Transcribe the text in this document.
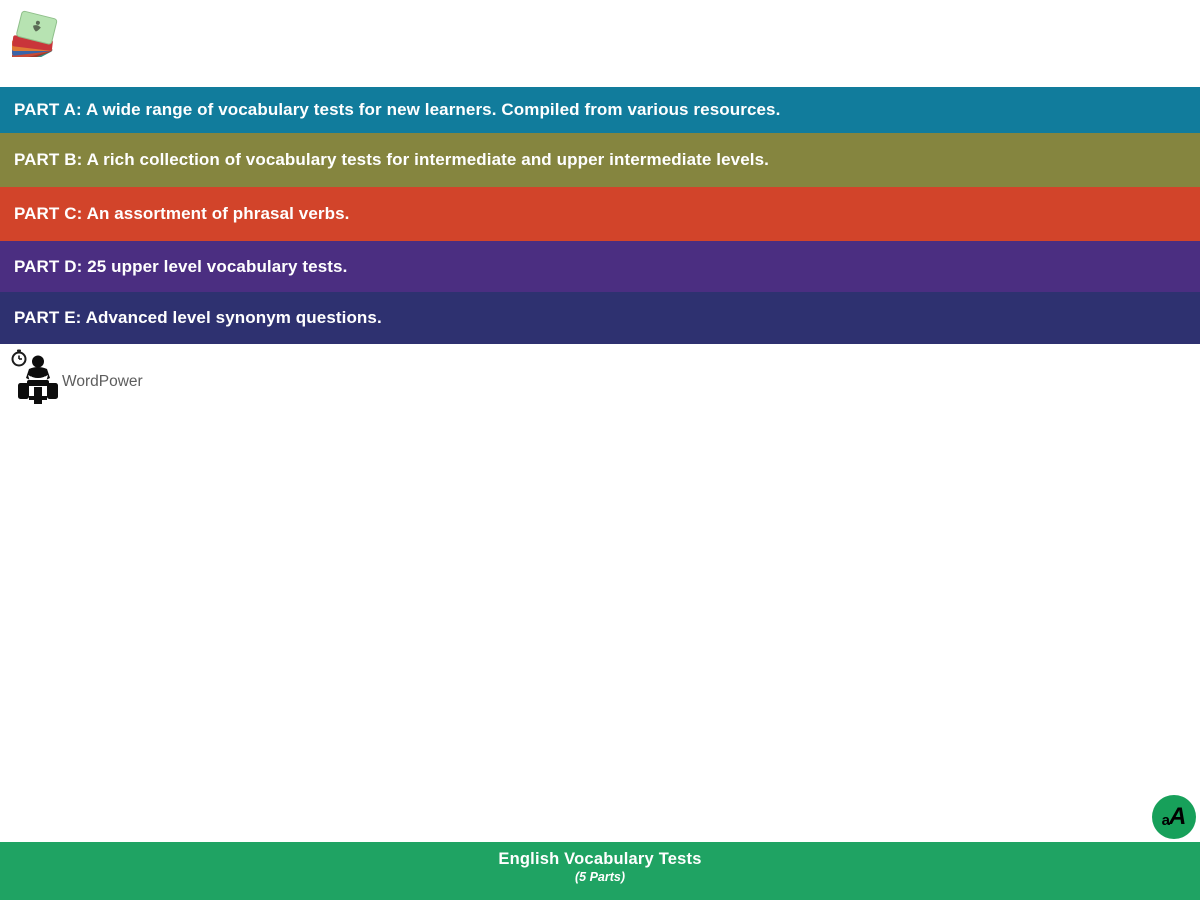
PART A: A wide range of vocabulary tests for new learners. Compiled from various resources.
PART B: A rich collection of vocabulary tests for intermediate and upper intermediate levels.
PART C: An assortment of phrasal verbs.
PART D: 25 upper level vocabulary tests.
PART E: Advanced level synonym questions.
WordPower
a A
English Vocabulary Tests
(5 Parts)
